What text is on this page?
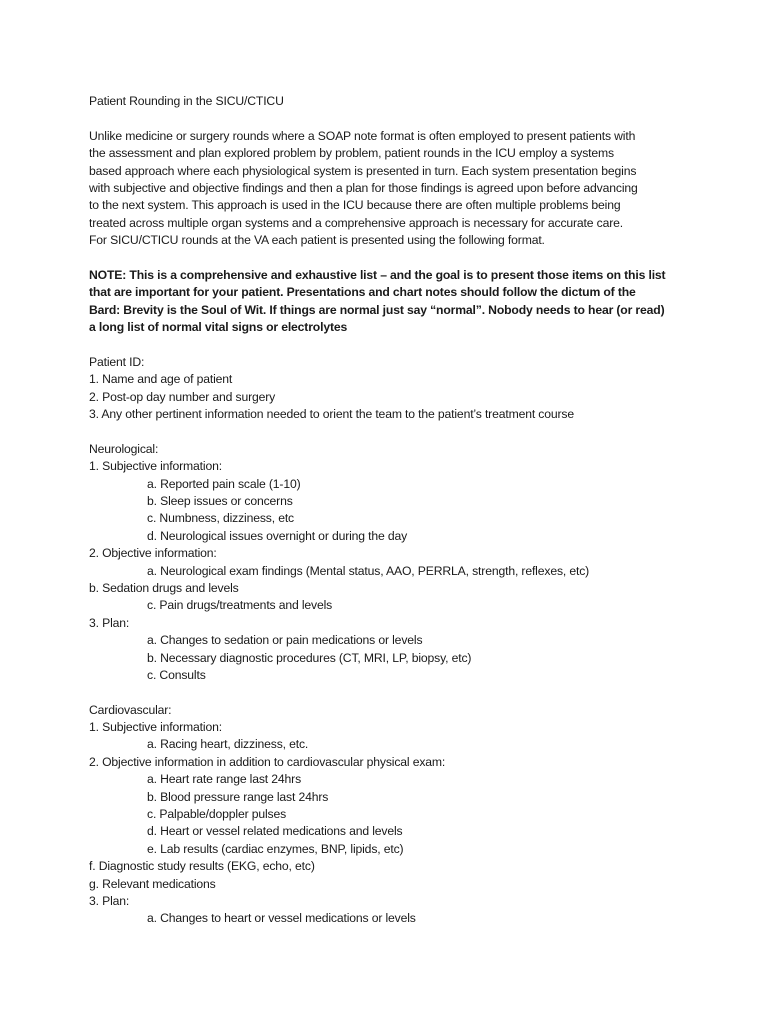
Patient Rounding in the SICU/CTICU
Unlike medicine or surgery rounds where a SOAP note format is often employed to present patients with
the assessment and plan explored problem by problem, patient rounds in the ICU employ a systems
based approach where each physiological system is presented in turn. Each system presentation begins
with subjective and objective findings and then a plan for those findings is agreed upon before advancing
to the next system. This approach is used in the ICU because there are often multiple problems being
treated across multiple organ systems and a comprehensive approach is necessary for accurate care.
For SICU/CTICU rounds at the VA each patient is presented using the following format.
NOTE: This is a comprehensive and exhaustive list – and the goal is to present those items on this list
that are important for your patient. Presentations and chart notes should follow the dictum of the
Bard: Brevity is the Soul of Wit. If things are normal just say “normal”. Nobody needs to hear (or read)
a long list of normal vital signs or electrolytes
Patient ID:
1. Name and age of patient
2. Post-op day number and surgery
3. Any other pertinent information needed to orient the team to the patient’s treatment course
Neurological:
1. Subjective information:
a. Reported pain scale (1-10)
b. Sleep issues or concerns
c. Numbness, dizziness, etc
d. Neurological issues overnight or during the day
2. Objective information:
a. Neurological exam findings (Mental status, AAO, PERRLA, strength, reflexes, etc)
b. Sedation drugs and levels
c. Pain drugs/treatments and levels
3. Plan:
a. Changes to sedation or pain medications or levels
b. Necessary diagnostic procedures (CT, MRI, LP, biopsy, etc)
c. Consults
Cardiovascular:
1. Subjective information:
a. Racing heart, dizziness, etc.
2. Objective information in addition to cardiovascular physical exam:
a. Heart rate range last 24hrs
b. Blood pressure range last 24hrs
c. Palpable/doppler pulses
d. Heart or vessel related medications and levels
e. Lab results (cardiac enzymes, BNP, lipids, etc)
f. Diagnostic study results (EKG, echo, etc)
g. Relevant medications
3. Plan:
a. Changes to heart or vessel medications or levels
